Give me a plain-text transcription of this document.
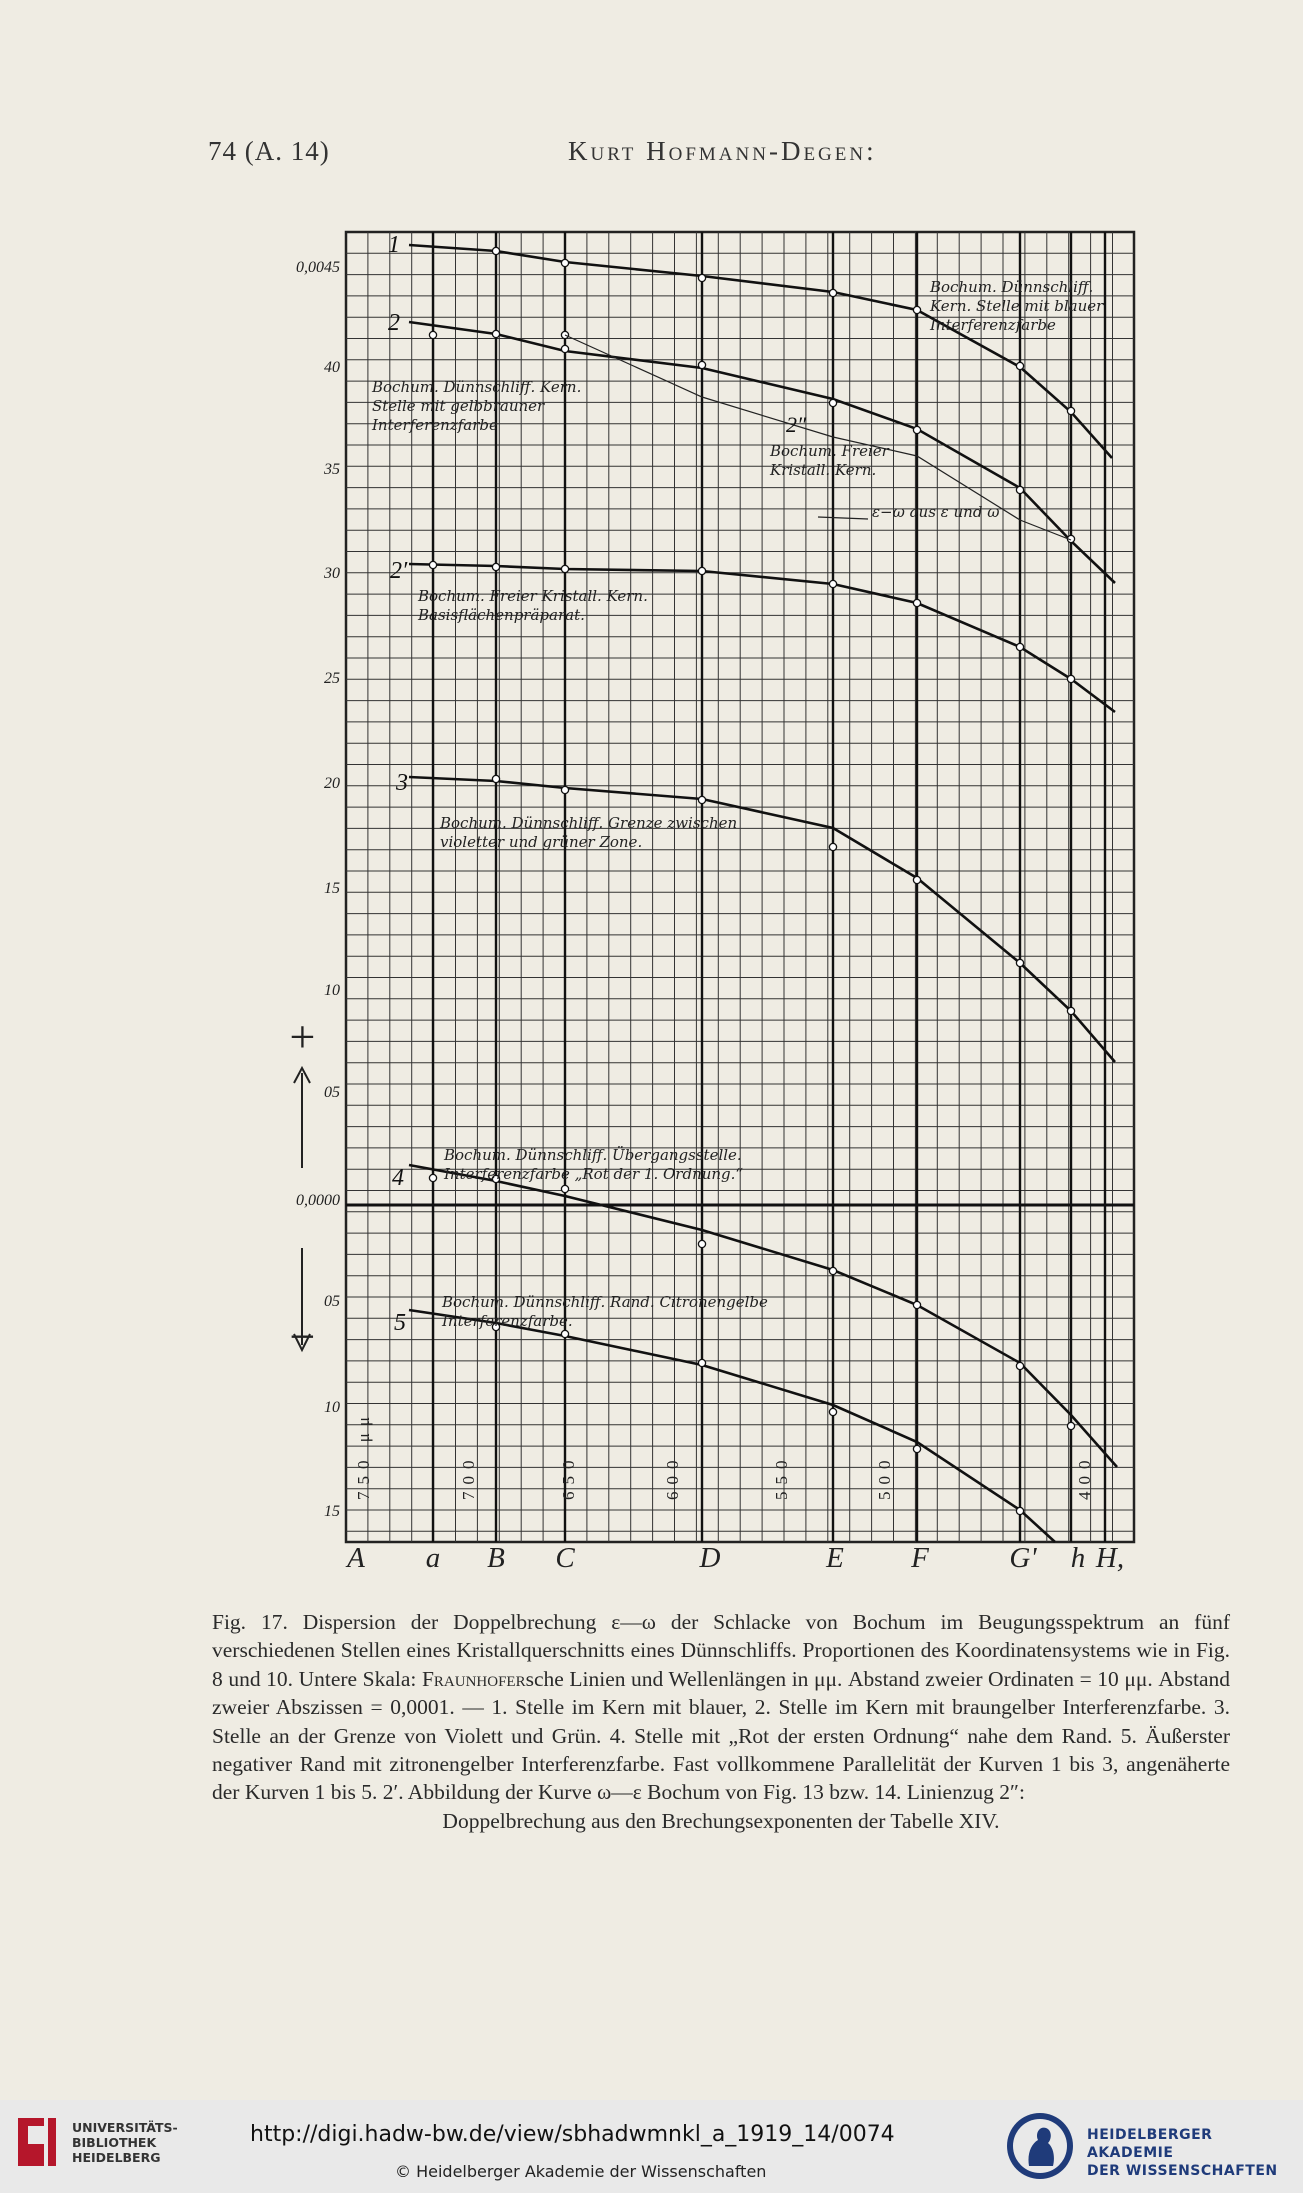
74 (A. 14)	Kurt Hofmann-Degen:
0,0045
40
35
30
25
20
15
10
+
05
0,0000
05
−
10
15
A a B C	D	E F	G' h H,
750 μμ	700	650	600	550	500	400
1
2
2′
3
4
5
2″
Bochum. Dünnschliff.
Kern. Stelle mit blauer
Interferenzfarbe
Bochum. Dünnschliff. Kern.
Stelle mit gelbbrauner
Interferenzfarbe
Bochum. Freier
Kristall. Kern.
Bochum. Freier Kristall. Kern.
Basisflächenpräparat.
Bochum. Dünnschliff. Grenze zwischen
violetter und grüner Zone.
Bochum. Dünnschliff. Übergangsstelle.
Interferenzfarbe „Rot der 1. Ordnung.“
Bochum. Dünnschliff. Rand. Citronengelbe
Interferenzfarbe.
ε−ω aus ε und ω

Fig. 17. Dispersion der Doppelbrechung ε—ω der Schlacke von Bochum im Beugungsspektrum an fünf verschiedenen Stellen eines Kristallquerschnitts eines Dünnschliffs. Proportionen des Koordinatensystems wie in Fig. 8 und 10. Untere Skala: Fraunhofersche Linien und Wellenlängen in μμ. Abstand zweier Ordinaten = 10 μμ. Abstand zweier Abszissen = 0,0001. — 1. Stelle im Kern mit blauer, 2. Stelle im Kern mit braungelber Interferenzfarbe. 3. Stelle an der Grenze von Violett und Grün. 4. Stelle mit „Rot der ersten Ordnung“ nahe dem Rand. 5. Äußerster negativer Rand mit zitronengelber Interferenzfarbe. Fast vollkommene Parallelität der Kurven 1 bis 3, angenäherte der Kurven 1 bis 5. 2′. Abbildung der Kurve ω—ε Bochum von Fig. 13 bzw. 14. Linienzug 2″:
Doppelbrechung aus den Brechungsexponenten der Tabelle XIV.

UNIVERSITÄTS-
BIBLIOTHEK
HEIDELBERG
http://digi.hadw-bw.de/view/sbhadwmnkl_a_1919_14/0074
© Heidelberger Akademie der Wissenschaften
HEIDELBERGER AKADEMIE
DER WISSENSCHAFTEN
